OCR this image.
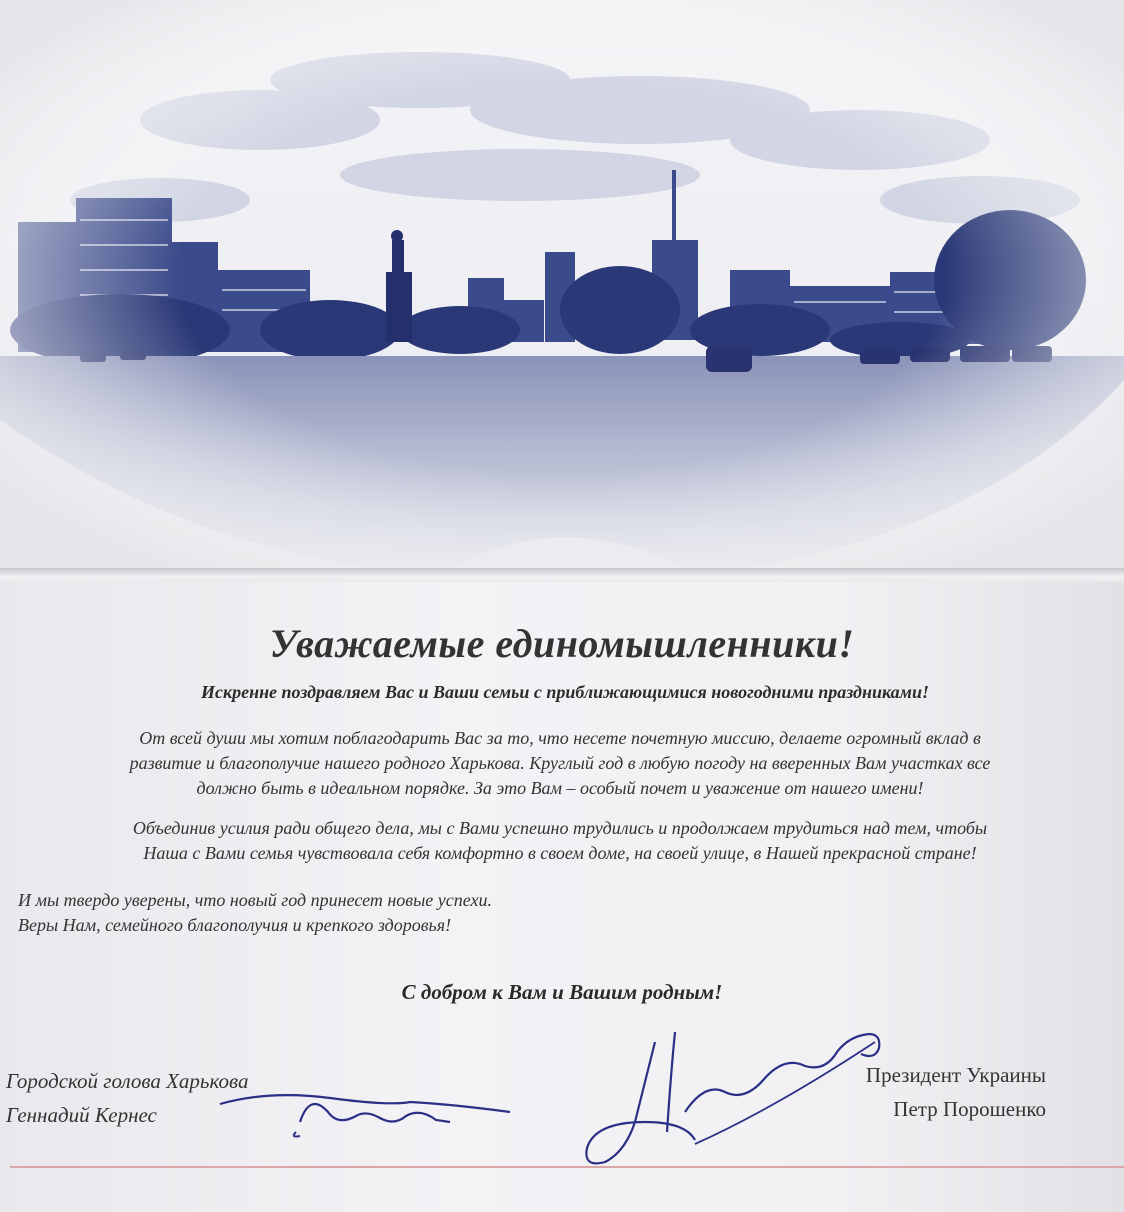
Уважаемые единомышленники!
Искренне поздравляем Вас и Ваши семьи с приближающимися новогодними праздниками!
От всей души мы хотим поблагодарить Вас за то, что несете почетную миссию, делаете огромный вклад в
развитие и благополучие нашего родного Харькова. Круглый год в любую погоду на вверенных Вам участках все
должно быть в идеальном порядке. За это Вам – особый почет и уважение от нашего имени!
Объединив усилия ради общего дела, мы с Вами успешно трудились и продолжаем трудиться над тем, чтобы
Наша с Вами семья чувствовала себя комфортно в своем доме, на своей улице, в Нашей прекрасной стране!
И мы твердо уверены, что новый год принесет новые успехи.
Веры Нам, семейного благополучия и крепкого здоровья!
С добром к Вам и Вашим родным!
Городской голова Харькова
Геннадий Кернес
Президент Украины
Петр Порошенко
